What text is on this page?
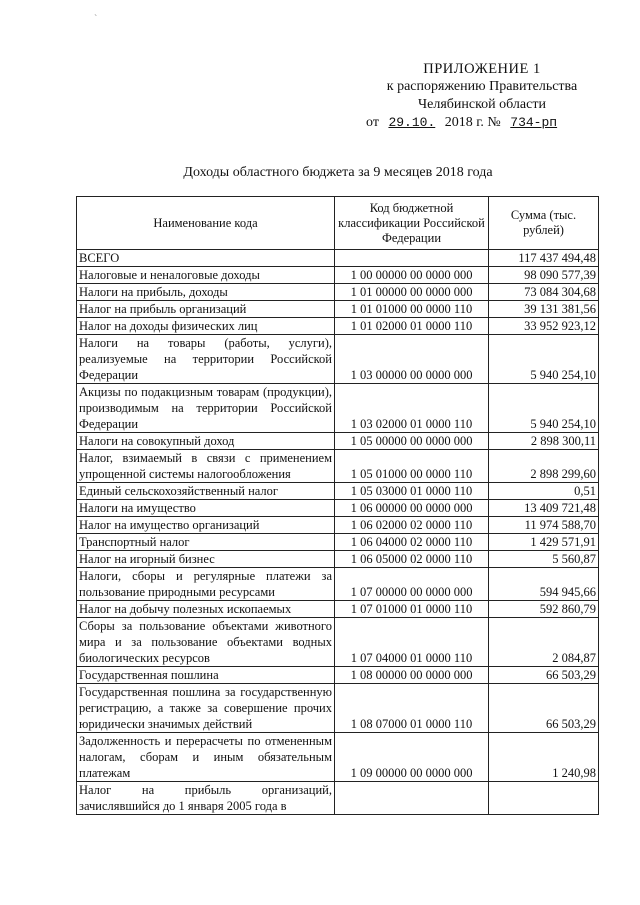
`
ПРИЛОЖЕНИЕ 1
к распоряжению Правительства
Челябинской области
от 29.10. 2018 г. № 734-рп
Доходы областного бюджета за 9 месяцев 2018 года
Наименование кода	Код бюджетной классификации Российской Федерации	Сумма (тыс. рублей)
ВСЕГО		117 437 494,48
Налоговые и неналоговые доходы	1 00 00000 00 0000 000	98 090 577,39
Налоги на прибыль, доходы	1 01 00000 00 0000 000	73 084 304,68
Налог на прибыль организаций	1 01 01000 00 0000 110	39 131 381,56
Налог на доходы физических лиц	1 01 02000 01 0000 110	33 952 923,12
Налоги на товары (работы, услуги), реализуемые на территории Российской Федерации	1 03 00000 00 0000 000	5 940 254,10
Акцизы по подакцизным товарам (продукции), производимым на территории Российской Федерации	1 03 02000 01 0000 110	5 940 254,10
Налоги на совокупный доход	1 05 00000 00 0000 000	2 898 300,11
Налог, взимаемый в связи с применением упрощенной системы налогообложения	1 05 01000 00 0000 110	2 898 299,60
Единый сельскохозяйственный налог	1 05 03000 01 0000 110	0,51
Налоги на имущество	1 06 00000 00 0000 000	13 409 721,48
Налог на имущество организаций	1 06 02000 02 0000 110	11 974 588,70
Транспортный налог	1 06 04000 02 0000 110	1 429 571,91
Налог на игорный бизнес	1 06 05000 02 0000 110	5 560,87
Налоги, сборы и регулярные платежи за пользование природными ресурсами	1 07 00000 00 0000 000	594 945,66
Налог на добычу полезных ископаемых	1 07 01000 01 0000 110	592 860,79
Сборы за пользование объектами животного мира и за пользование объектами водных биологических ресурсов	1 07 04000 01 0000 110	2 084,87
Государственная пошлина	1 08 00000 00 0000 000	66 503,29
Государственная пошлина за государственную регистрацию, а также за совершение прочих юридически значимых действий	1 08 07000 01 0000 110	66 503,29
Задолженность и перерасчеты по отмененным налогам, сборам и иным обязательным платежам	1 09 00000 00 0000 000	1 240,98
Налог на прибыль организаций, зачислявшийся до 1 января 2005 года в		
